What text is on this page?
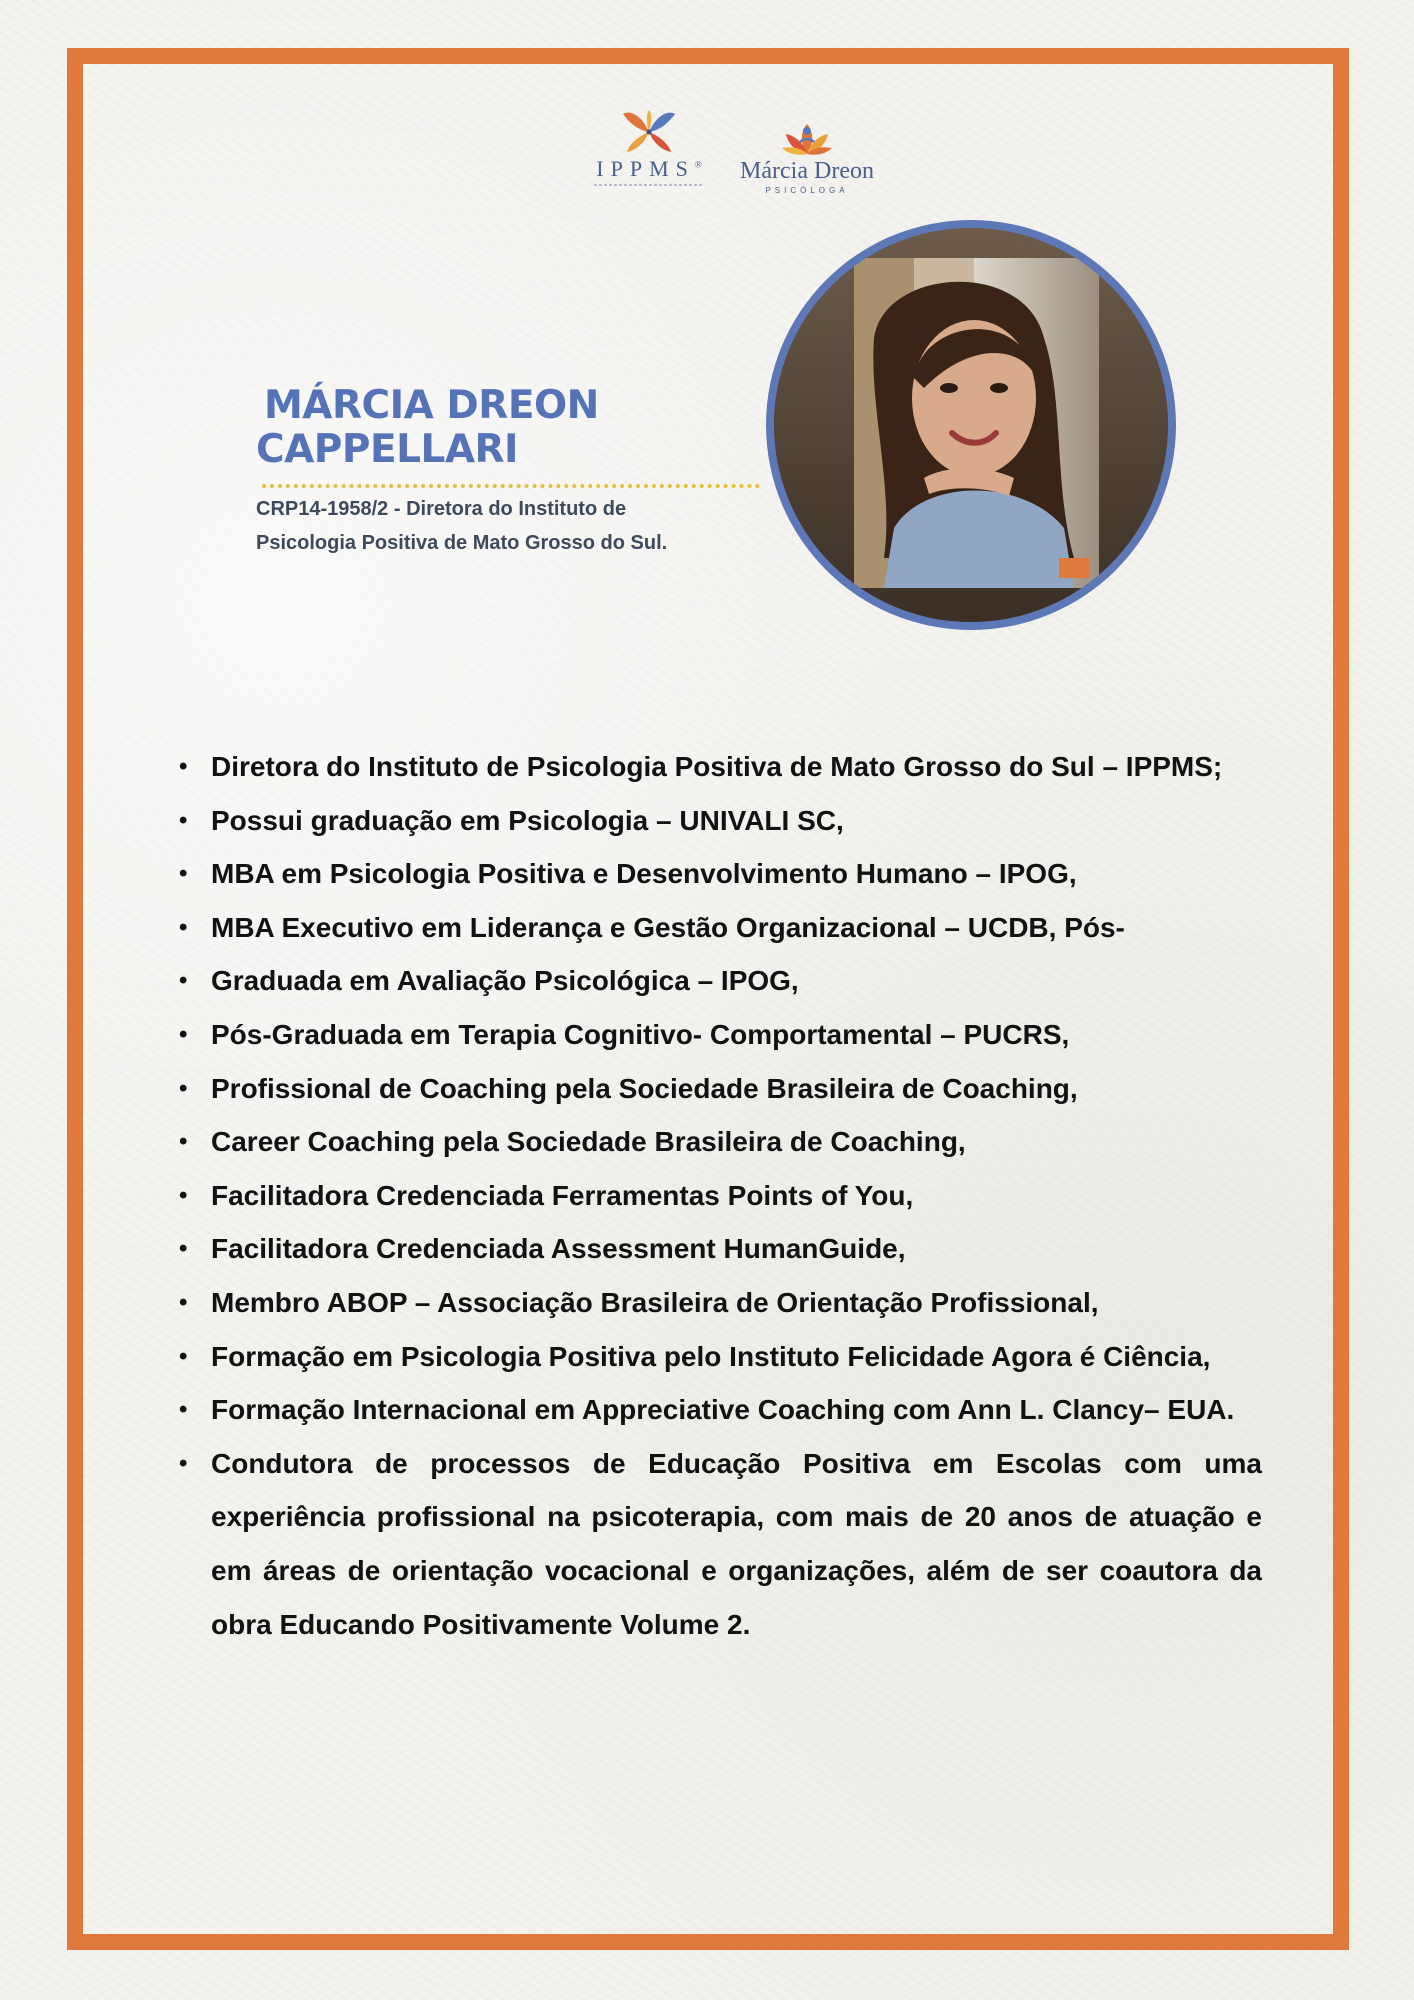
IPPMS®	Márcia Dreon
PSICÓLOGA
MÁRCIA DREON
CAPPELLARI
CRP14-1958/2 - Diretora do Instituto de Psicologia Positiva de Mato Grosso do Sul.
• Diretora do Instituto de Psicologia Positiva de Mato Grosso do Sul – IPPMS;
• Possui graduação em Psicologia – UNIVALI SC,
• MBA em Psicologia Positiva e Desenvolvimento Humano – IPOG,
• MBA Executivo em Liderança e Gestão Organizacional – UCDB, Pós-
• Graduada em Avaliação Psicológica – IPOG,
• Pós-Graduada em Terapia Cognitivo- Comportamental – PUCRS,
• Profissional de Coaching pela Sociedade Brasileira de Coaching,
• Career Coaching pela Sociedade Brasileira de Coaching,
• Facilitadora Credenciada Ferramentas Points of You,
• Facilitadora Credenciada Assessment HumanGuide,
• Membro ABOP – Associação Brasileira de Orientação Profissional,
• Formação em Psicologia Positiva pelo Instituto Felicidade Agora é Ciência,
• Formação Internacional em Appreciative Coaching com Ann L. Clancy– EUA.
• Condutora de processos de Educação Positiva em Escolas com uma experiência profissional na psicoterapia, com mais de 20 anos de atuação e em áreas de orientação vocacional e organizações, além de ser coautora da obra Educando Positivamente Volume 2.
